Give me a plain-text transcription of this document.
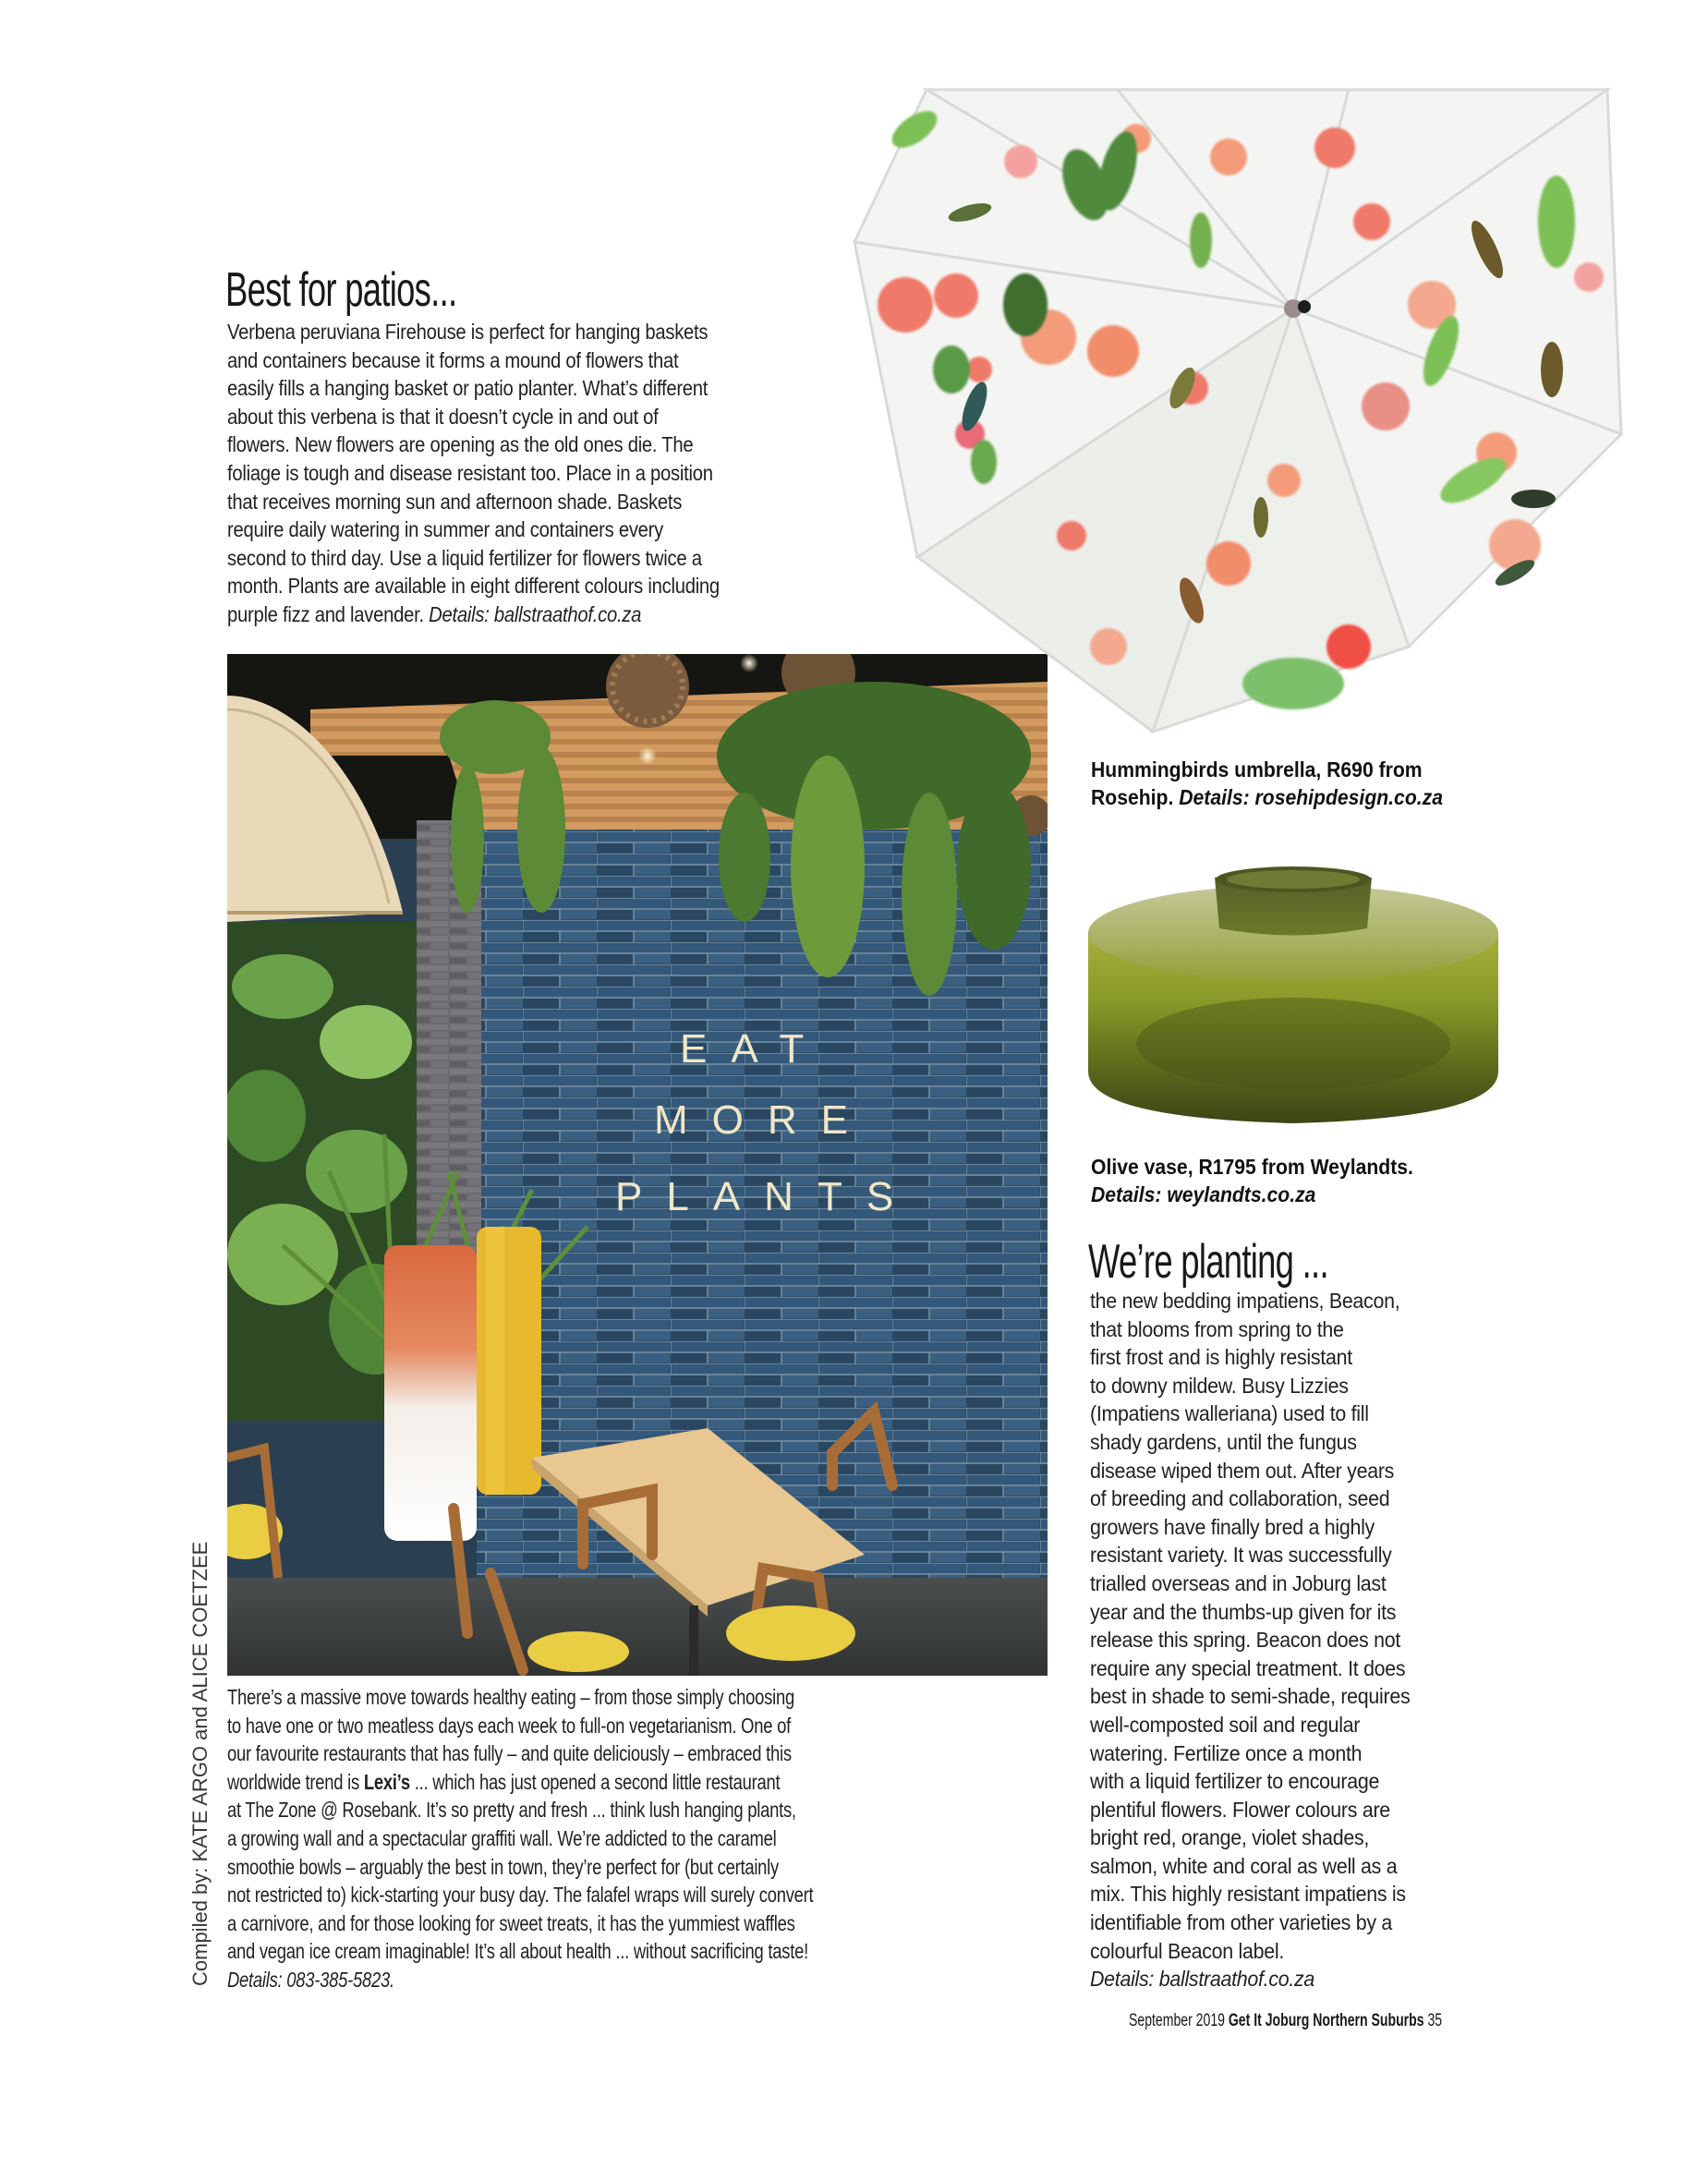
Best for patios...
Verbena peruviana Firehouse is perfect for hanging baskets
and containers because it forms a mound of flowers that
easily fills a hanging basket or patio planter. What’s different
about this verbena is that it doesn’t cycle in and out of
flowers. New flowers are opening as the old ones die. The
foliage is tough and disease resistant too. Place in a position
that receives morning sun and afternoon shade. Baskets
require daily watering in summer and containers every
second to third day. Use a liquid fertilizer for flowers twice a
month. Plants are available in eight different colours including
purple fizz and lavender. Details: ballstraathof.co.za
EAT
MORE
PLANTS
There’s a massive move towards healthy eating – from those simply choosing
to have one or two meatless days each week to full-on vegetarianism. One of
our favourite restaurants that has fully – and quite deliciously – embraced this
worldwide trend is Lexi’s ... which has just opened a second little restaurant
at The Zone @ Rosebank. It’s so pretty and fresh ... think lush hanging plants,
a growing wall and a spectacular graffiti wall. We’re addicted to the caramel
smoothie bowls – arguably the best in town, they’re perfect for (but certainly
not restricted to) kick-starting your busy day. The falafel wraps will surely convert
a carnivore, and for those looking for sweet treats, it has the yummiest waffles
and vegan ice cream imaginable! It’s all about health ... without sacrificing taste!
Details: 083-385-5823.
Hummingbirds umbrella, R690 from
Rosehip. Details: rosehipdesign.co.za
Olive vase, R1795 from Weylandts.
Details: weylandts.co.za
We’re planting ...
the new bedding impatiens, Beacon,
that blooms from spring to the
first frost and is highly resistant
to downy mildew. Busy Lizzies
(Impatiens walleriana) used to fill
shady gardens, until the fungus
disease wiped them out. After years
of breeding and collaboration, seed
growers have finally bred a highly
resistant variety. It was successfully
trialled overseas and in Joburg last
year and the thumbs-up given for its
release this spring. Beacon does not
require any special treatment. It does
best in shade to semi-shade, requires
well-composted soil and regular
watering. Fertilize once a month
with a liquid fertilizer to encourage
plentiful flowers. Flower colours are
bright red, orange, violet shades,
salmon, white and coral as well as a
mix. This highly resistant impatiens is
identifiable from other varieties by a
colourful Beacon label.
Details: ballstraathof.co.za
Compiled by: KATE ARGO and ALICE COETZEE
September 2019 Get It Joburg Northern Suburbs 35
